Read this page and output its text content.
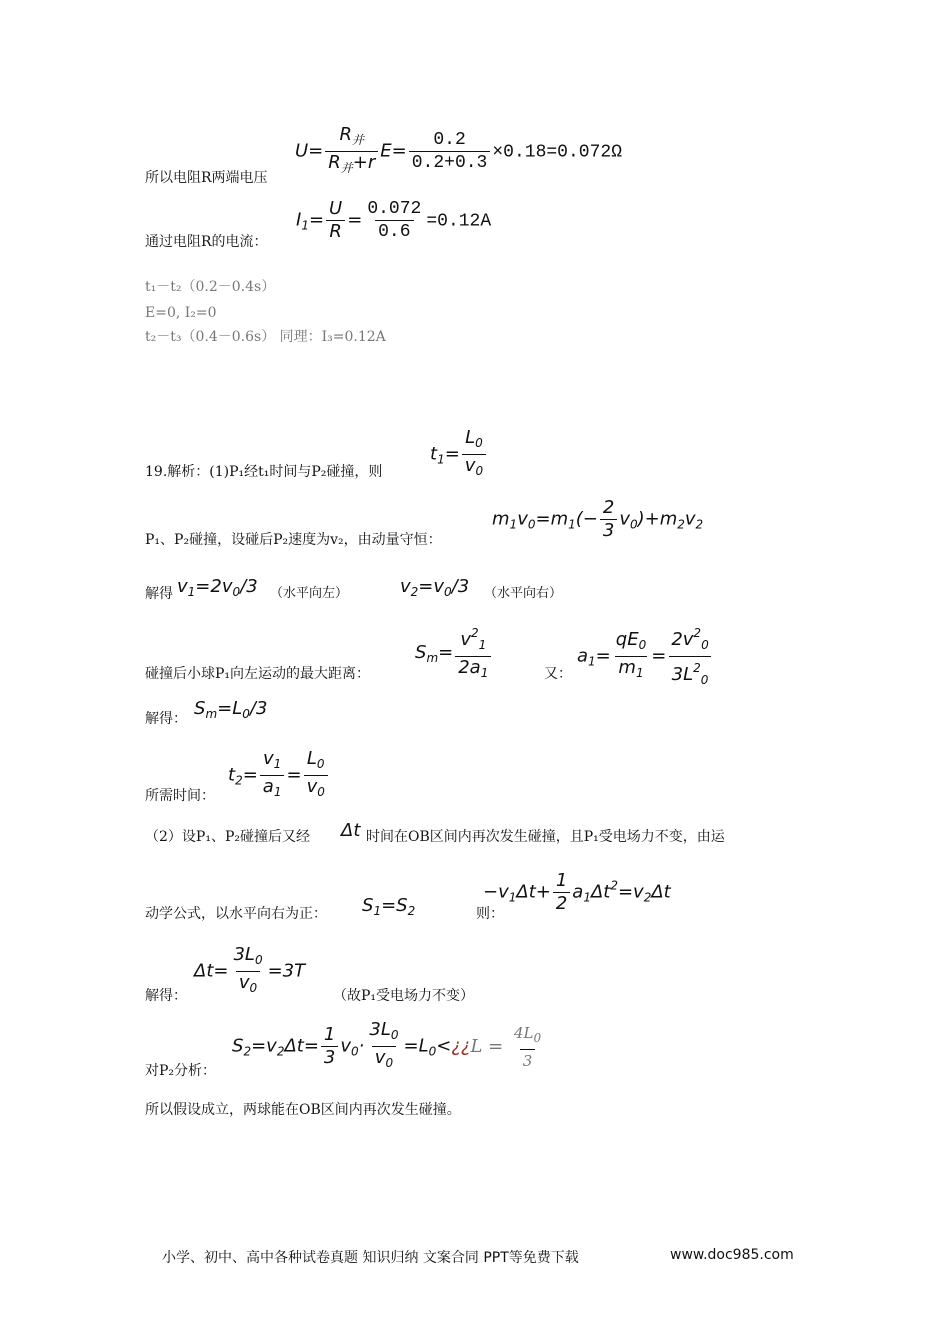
所以电阻R两端电压
$U= \frac{R_并}{R_并+r} E= \frac{0.2}{0.2+0.3} \times 0.18=0.072\Omega$
通过电阻R的电流：
$I_1= \frac{U}{R} = \frac{0.072}{0.6} =0.12A$
t₁－t₂（0.2－0.4s）
E=0, I₂=0
t₂－t₃（0.4－0.6s） 同理：I₃=0.12A
19.解析：(1)P₁经t₁时间与P₂碰撞，则
$t_1= \frac{L_0}{v_0}$
P₁、P₂碰撞，设碰后P₂速度为v₂，由动量守恒：
$m_1v_0=m_1(- \frac{2}{3} v_0)+m_2v_2$
解得 $v_1=2v_0/3$ （水平向左）	$v_2=v_0/3$ （水平向右）
碰撞后小球P₁向左运动的最大距离：
$S_m= \frac{v^2_1}{2a_1}$	又：
$a_1= \frac{qE_0}{m_1} = \frac{2v^2_0}{3L^2_0}$
解得： $S_m=L_0/3$
所需时间：
$t_2= \frac{v_1}{a_1} = \frac{L_0}{v_0}$
（2）设P₁、P₂碰撞后又经 Δt 时间在OB区间内再次发生碰撞，且P₁受电场力不变，由运
动学公式，以水平向右为正： $S_1=S_2$	则：
$-v_1\Delta t+ \frac{1}{2} a_1\Delta t^2=v_2\Delta t$
解得：
$\Delta t= \frac{3L_0}{v_0} =3T$
（故P₁受电场力不变）
对P₂分析：
$S_2=v_2\Delta t= \frac{1}{3} v_0\cdot \frac{3L_0}{v_0}$ $=L_0<¿¿L = \frac{4L_0}{3}$
所以假设成立，两球能在OB区间内再次发生碰撞。
小学、初中、高中各种试卷真题 知识归纳 文案合同 PPT等免费下载	www.doc985.com
